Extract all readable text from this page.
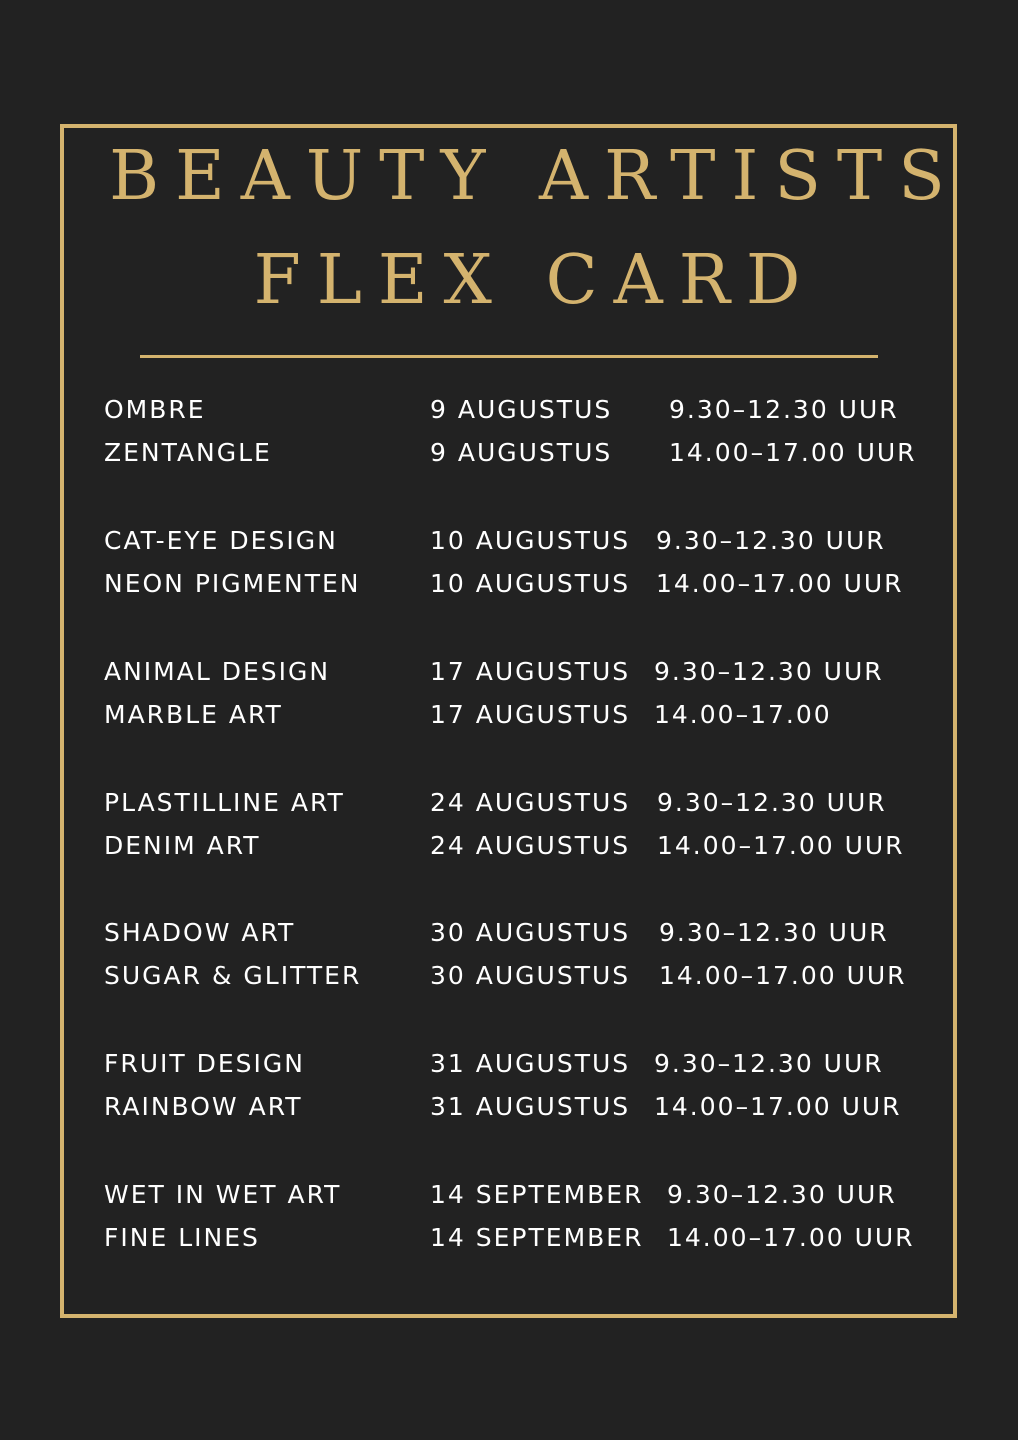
BEAUTY ARTISTS
FLEX CARD
OMBRE	9 AUGUSTUS 9.30–12.30 UUR
ZENTANGLE	9 AUGUSTUS 14.00–17.00 UUR
CAT-EYE DESIGN	10 AUGUSTUS 9.30–12.30 UUR
NEON PIGMENTEN	10 AUGUSTUS 14.00–17.00 UUR
ANIMAL DESIGN	17 AUGUSTUS 9.30–12.30 UUR
MARBLE ART	17 AUGUSTUS 14.00–17.00
PLASTILLINE ART	24 AUGUSTUS 9.30–12.30 UUR
DENIM ART	24 AUGUSTUS 14.00–17.00 UUR
SHADOW ART	30 AUGUSTUS 9.30–12.30 UUR
SUGAR & GLITTER	30 AUGUSTUS 14.00–17.00 UUR
FRUIT DESIGN	31 AUGUSTUS 9.30–12.30 UUR
RAINBOW ART	31 AUGUSTUS 14.00–17.00 UUR
WET IN WET ART	14 SEPTEMBER 9.30–12.30 UUR
FINE LINES	14 SEPTEMBER 14.00–17.00 UUR
